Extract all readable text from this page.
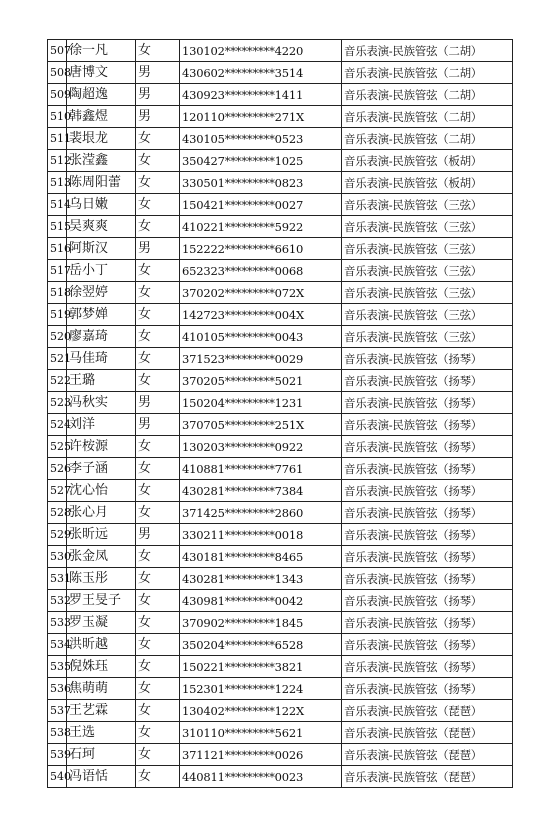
507	徐一凡	女	130102*********4220	音乐表演-民族管弦（二胡）
508	唐博文	男	430602*********3514	音乐表演-民族管弦（二胡）
509	陶超逸	男	430923*********1411	音乐表演-民族管弦（二胡）
510	韩鑫煜	男	120110*********271X	音乐表演-民族管弦（二胡）
511	裴垠龙	女	430105*********0523	音乐表演-民族管弦（二胡）
512	张滢鑫	女	350427*********1025	音乐表演-民族管弦（板胡）
513	陈周阳蕾	女	330501*********0823	音乐表演-民族管弦（板胡）
514	乌日嫩	女	150421*********0027	音乐表演-民族管弦（三弦）
515	吴爽爽	女	410221*********5922	音乐表演-民族管弦（三弦）
516	阿斯汉	男	152222*********6610	音乐表演-民族管弦（三弦）
517	岳小丁	女	652323*********0068	音乐表演-民族管弦（三弦）
518	徐翌婷	女	370202*********072X	音乐表演-民族管弦（三弦）
519	郭梦婵	女	142723*********004X	音乐表演-民族管弦（三弦）
520	廖嘉琦	女	410105*********0043	音乐表演-民族管弦（三弦）
521	马佳琦	女	371523*********0029	音乐表演-民族管弦（扬琴）
522	王璐	女	370205*********5021	音乐表演-民族管弦（扬琴）
523	冯秋实	男	150204*********1231	音乐表演-民族管弦（扬琴）
524	刘洋	男	370705*********251X	音乐表演-民族管弦（扬琴）
525	许桉源	女	130203*********0922	音乐表演-民族管弦（扬琴）
526	李子涵	女	410881*********7761	音乐表演-民族管弦（扬琴）
527	沈心怡	女	430281*********7384	音乐表演-民族管弦（扬琴）
528	张心月	女	371425*********2860	音乐表演-民族管弦（扬琴）
529	张昕远	男	330211*********0018	音乐表演-民族管弦（扬琴）
530	张金凤	女	430181*********8465	音乐表演-民族管弦（扬琴）
531	陈玉彤	女	430281*********1343	音乐表演-民族管弦（扬琴）
532	罗王旻子	女	430981*********0042	音乐表演-民族管弦（扬琴）
533	罗玉凝	女	370902*********1845	音乐表演-民族管弦（扬琴）
534	洪昕越	女	350204*********6528	音乐表演-民族管弦（扬琴）
535	倪姝珏	女	150221*********3821	音乐表演-民族管弦（扬琴）
536	焦萌萌	女	152301*********1224	音乐表演-民族管弦（扬琴）
537	王艺霖	女	130402*********122X	音乐表演-民族管弦（琵琶）
538	王选	女	310110*********5621	音乐表演-民族管弦（琵琶）
539	石珂	女	371121*********0026	音乐表演-民族管弦（琵琶）
540	冯语恬	女	440811*********0023	音乐表演-民族管弦（琵琶）
